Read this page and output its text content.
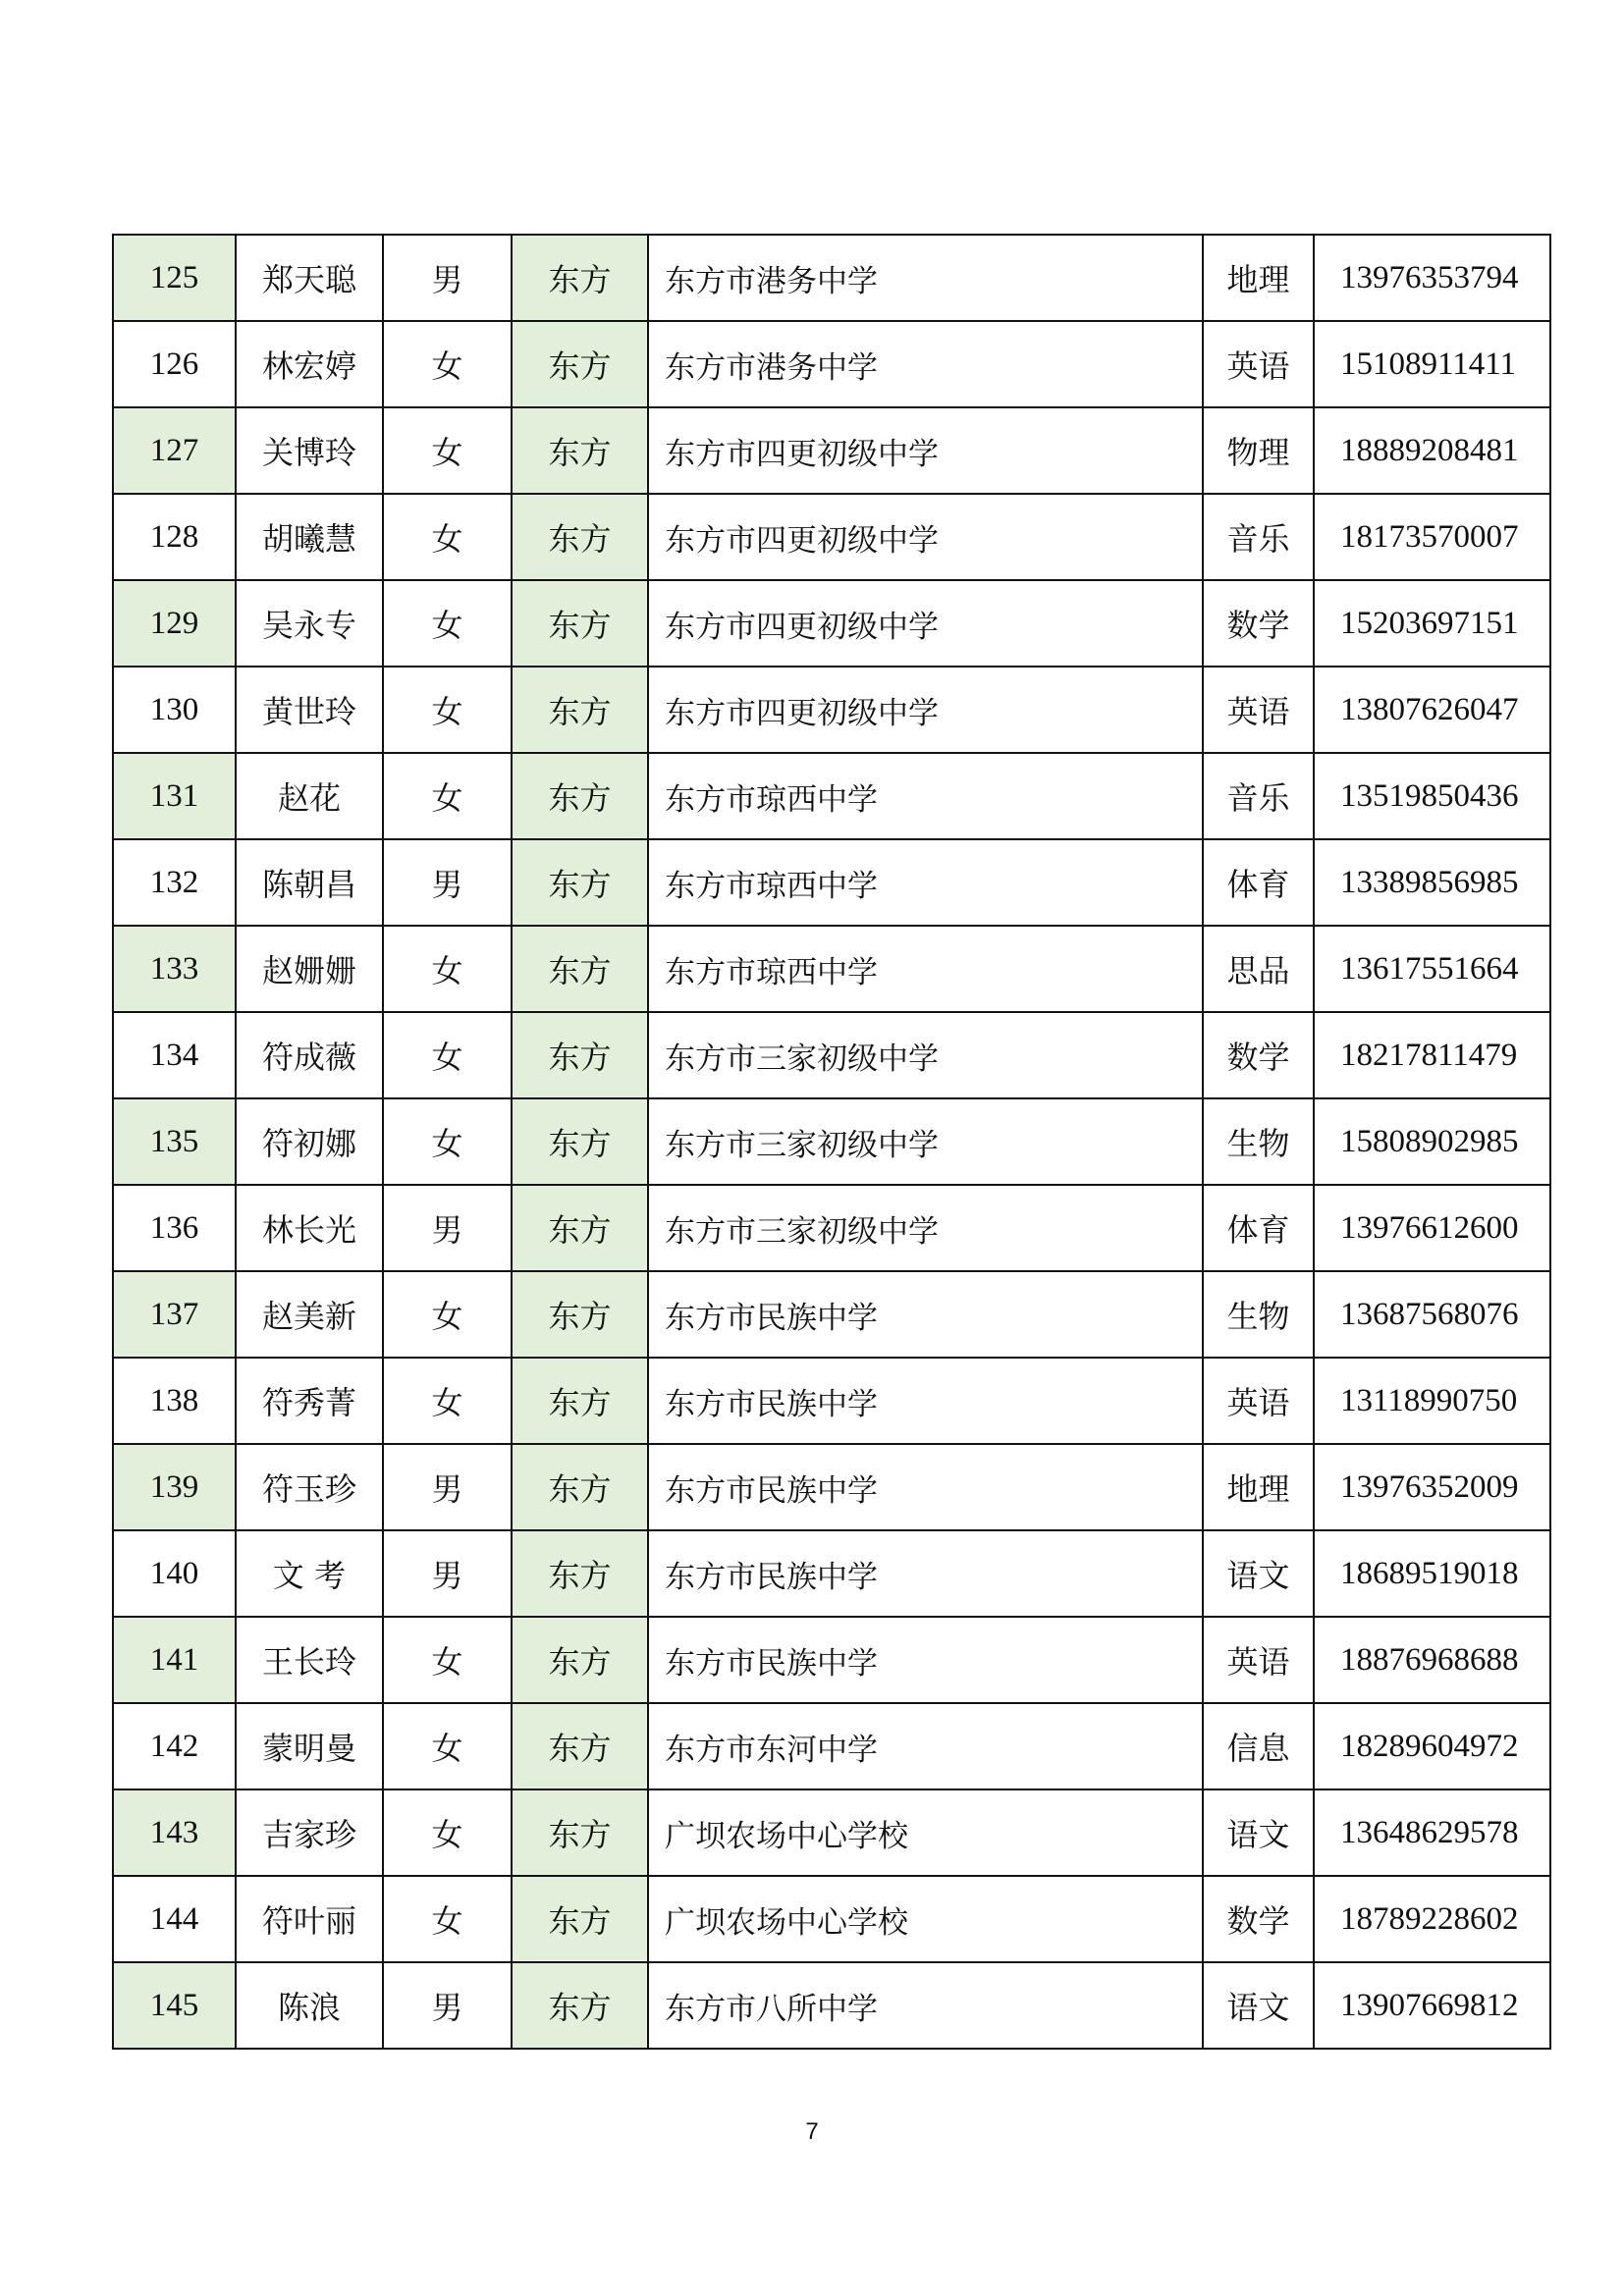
125	郑天聪	男	东方	东方市港务中学	地理	13976353794
126	林宏婷	女	东方	东方市港务中学	英语	15108911411
127	关博玲	女	东方	东方市四更初级中学	物理	18889208481
128	胡曦慧	女	东方	东方市四更初级中学	音乐	18173570007
129	吴永专	女	东方	东方市四更初级中学	数学	15203697151
130	黄世玲	女	东方	东方市四更初级中学	英语	13807626047
131	赵花	女	东方	东方市琼西中学	音乐	13519850436
132	陈朝昌	男	东方	东方市琼西中学	体育	13389856985
133	赵姗姗	女	东方	东方市琼西中学	思品	13617551664
134	符成薇	女	东方	东方市三家初级中学	数学	18217811479
135	符初娜	女	东方	东方市三家初级中学	生物	15808902985
136	林长光	男	东方	东方市三家初级中学	体育	13976612600
137	赵美新	女	东方	东方市民族中学	生物	13687568076
138	符秀菁	女	东方	东方市民族中学	英语	13118990750
139	符玉珍	男	东方	东方市民族中学	地理	13976352009
140	文 考	男	东方	东方市民族中学	语文	18689519018
141	王长玲	女	东方	东方市民族中学	英语	18876968688
142	蒙明曼	女	东方	东方市东河中学	信息	18289604972
143	吉家珍	女	东方	广坝农场中心学校	语文	13648629578
144	符叶丽	女	东方	广坝农场中心学校	数学	18789228602
145	陈浪	男	东方	东方市八所中学	语文	13907669812
7
